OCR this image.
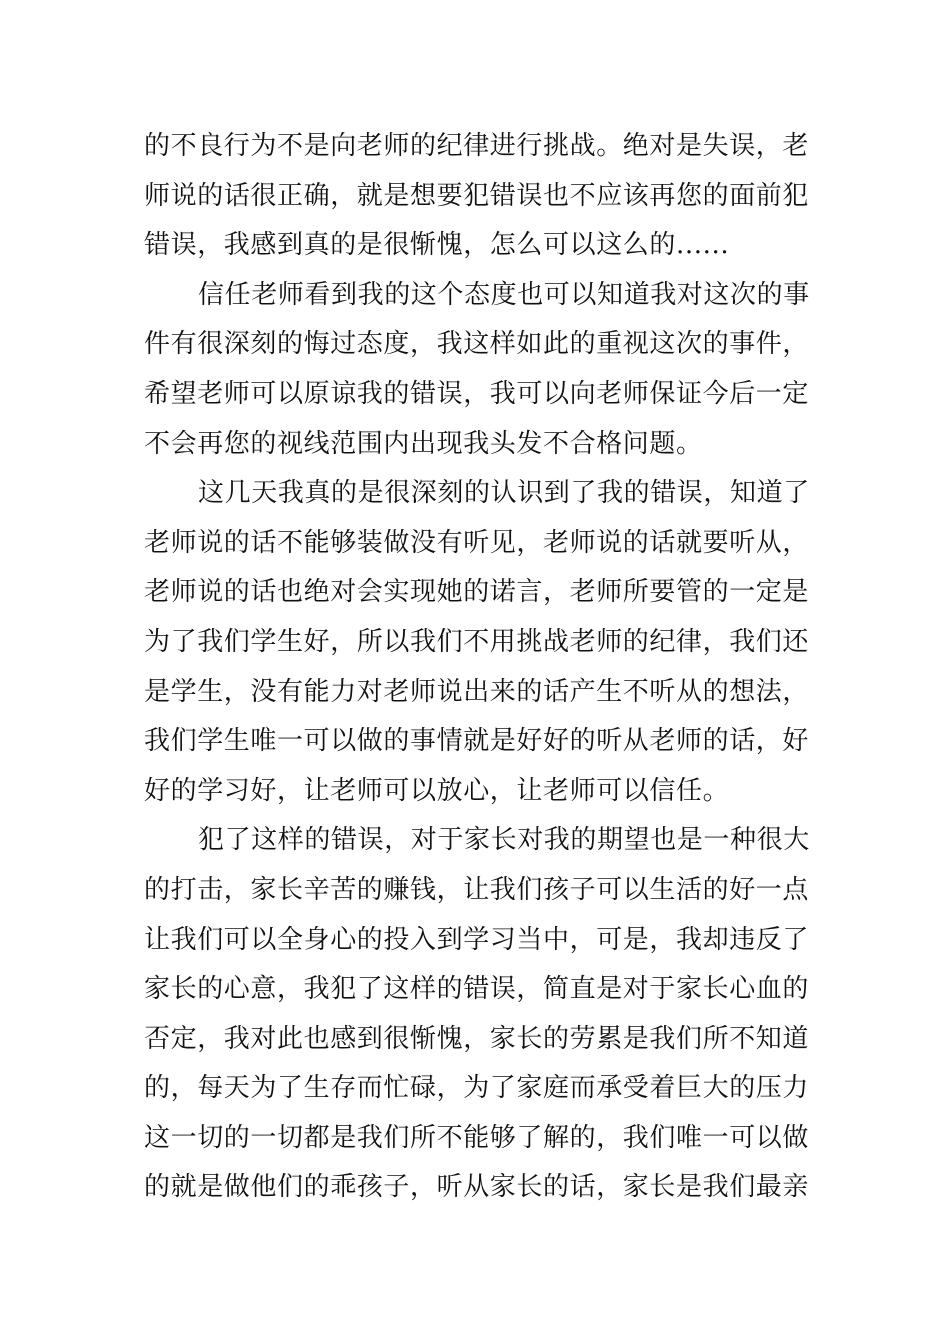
的不良行为不是向老师的纪律进行挑战。绝对是失误，老
师说的话很正确，就是想要犯错误也不应该再您的面前犯
错误，我感到真的是很惭愧，怎么可以这么的......
信任老师看到我的这个态度也可以知道我对这次的事
件有很深刻的悔过态度，我这样如此的重视这次的事件，
希望老师可以原谅我的错误，我可以向老师保证今后一定
不会再您的视线范围内出现我头发不合格问题。
这几天我真的是很深刻的认识到了我的错误，知道了
老师说的话不能够装做没有听见，老师说的话就要听从，
老师说的话也绝对会实现她的诺言，老师所要管的一定是
为了我们学生好，所以我们不用挑战老师的纪律，我们还
是学生，没有能力对老师说出来的话产生不听从的想法，
我们学生唯一可以做的事情就是好好的听从老师的话，好
好的学习好，让老师可以放心，让老师可以信任。
犯了这样的错误，对于家长对我的期望也是一种很大
的打击，家长辛苦的赚钱，让我们孩子可以生活的好一点
让我们可以全身心的投入到学习当中，可是，我却违反了
家长的心意，我犯了这样的错误，简直是对于家长心血的
否定，我对此也感到很惭愧，家长的劳累是我们所不知道
的，每天为了生存而忙碌，为了家庭而承受着巨大的压力
这一切的一切都是我们所不能够了解的，我们唯一可以做
的就是做他们的乖孩子，听从家长的话，家长是我们最亲
